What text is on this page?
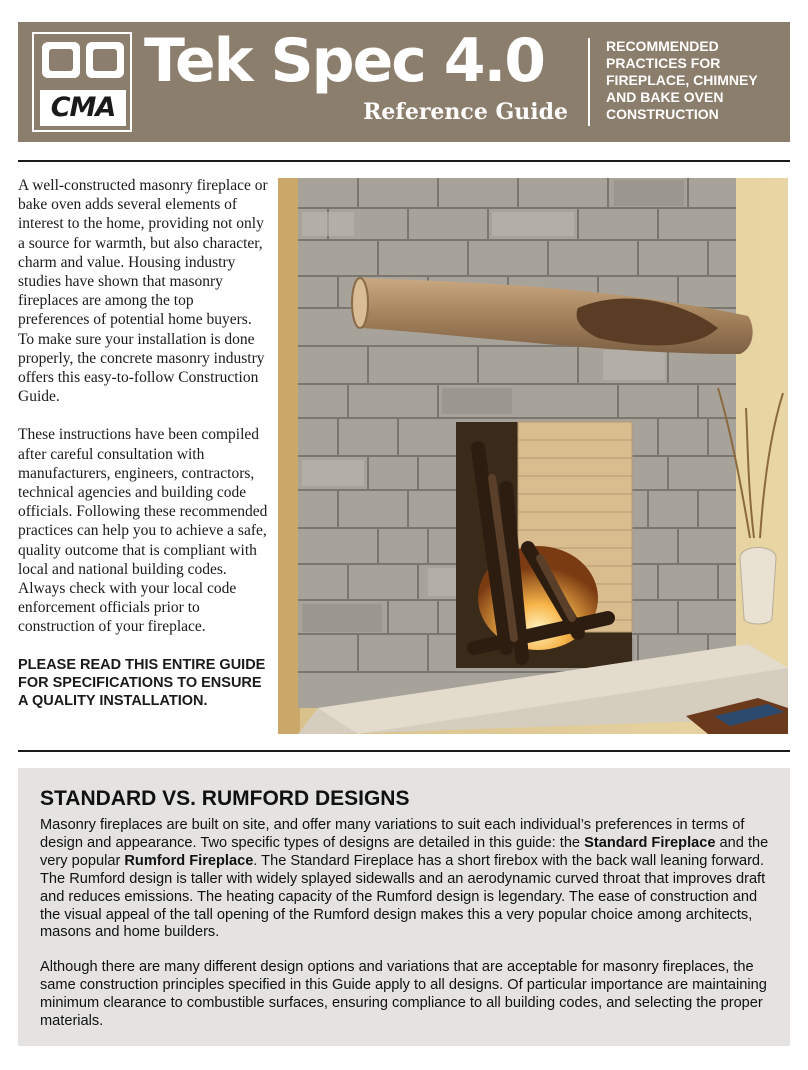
CMA
Tek Spec 4.0
Reference Guide
RECOMMENDED
PRACTICES FOR
FIREPLACE, CHIMNEY
AND BAKE OVEN
CONSTRUCTION

A well-constructed masonry fireplace or bake oven adds several elements of interest to the home, providing not only a source for warmth, but also character, charm and value. Housing industry studies have shown that masonry fireplaces are among the top preferences of potential home buyers. To make sure your installation is done properly, the concrete masonry industry offers this easy-to-follow Construction Guide.

These instructions have been compiled after careful consultation with manufacturers, engineers, contractors, technical agencies and building code officials. Following these recommended practices can help you to achieve a safe, quality outcome that is compliant with local and national building codes. Always check with your local code enforcement officials prior to construction of your fireplace.

PLEASE READ THIS ENTIRE GUIDE FOR SPECIFICATIONS TO ENSURE A QUALITY INSTALLATION.

STANDARD VS. RUMFORD DESIGNS

Masonry fireplaces are built on site, and offer many variations to suit each individual’s preferences in terms of design and appearance. Two specific types of designs are detailed in this guide: the Standard Fireplace and the very popular Rumford Fireplace. The Standard Fireplace has a short firebox with the back wall leaning forward. The Rumford design is taller with widely splayed sidewalls and an aerodynamic curved throat that improves draft and reduces emissions. The heating capacity of the Rumford design is legendary. The ease of construction and the visual appeal of the tall opening of the Rumford design makes this a very popular choice among architects, masons and home builders.

Although there are many different design options and variations that are acceptable for masonry fireplaces, the same construction principles specified in this Guide apply to all designs. Of particular importance are maintaining minimum clearance to combustible surfaces, ensuring compliance to all building codes, and selecting the proper materials.
